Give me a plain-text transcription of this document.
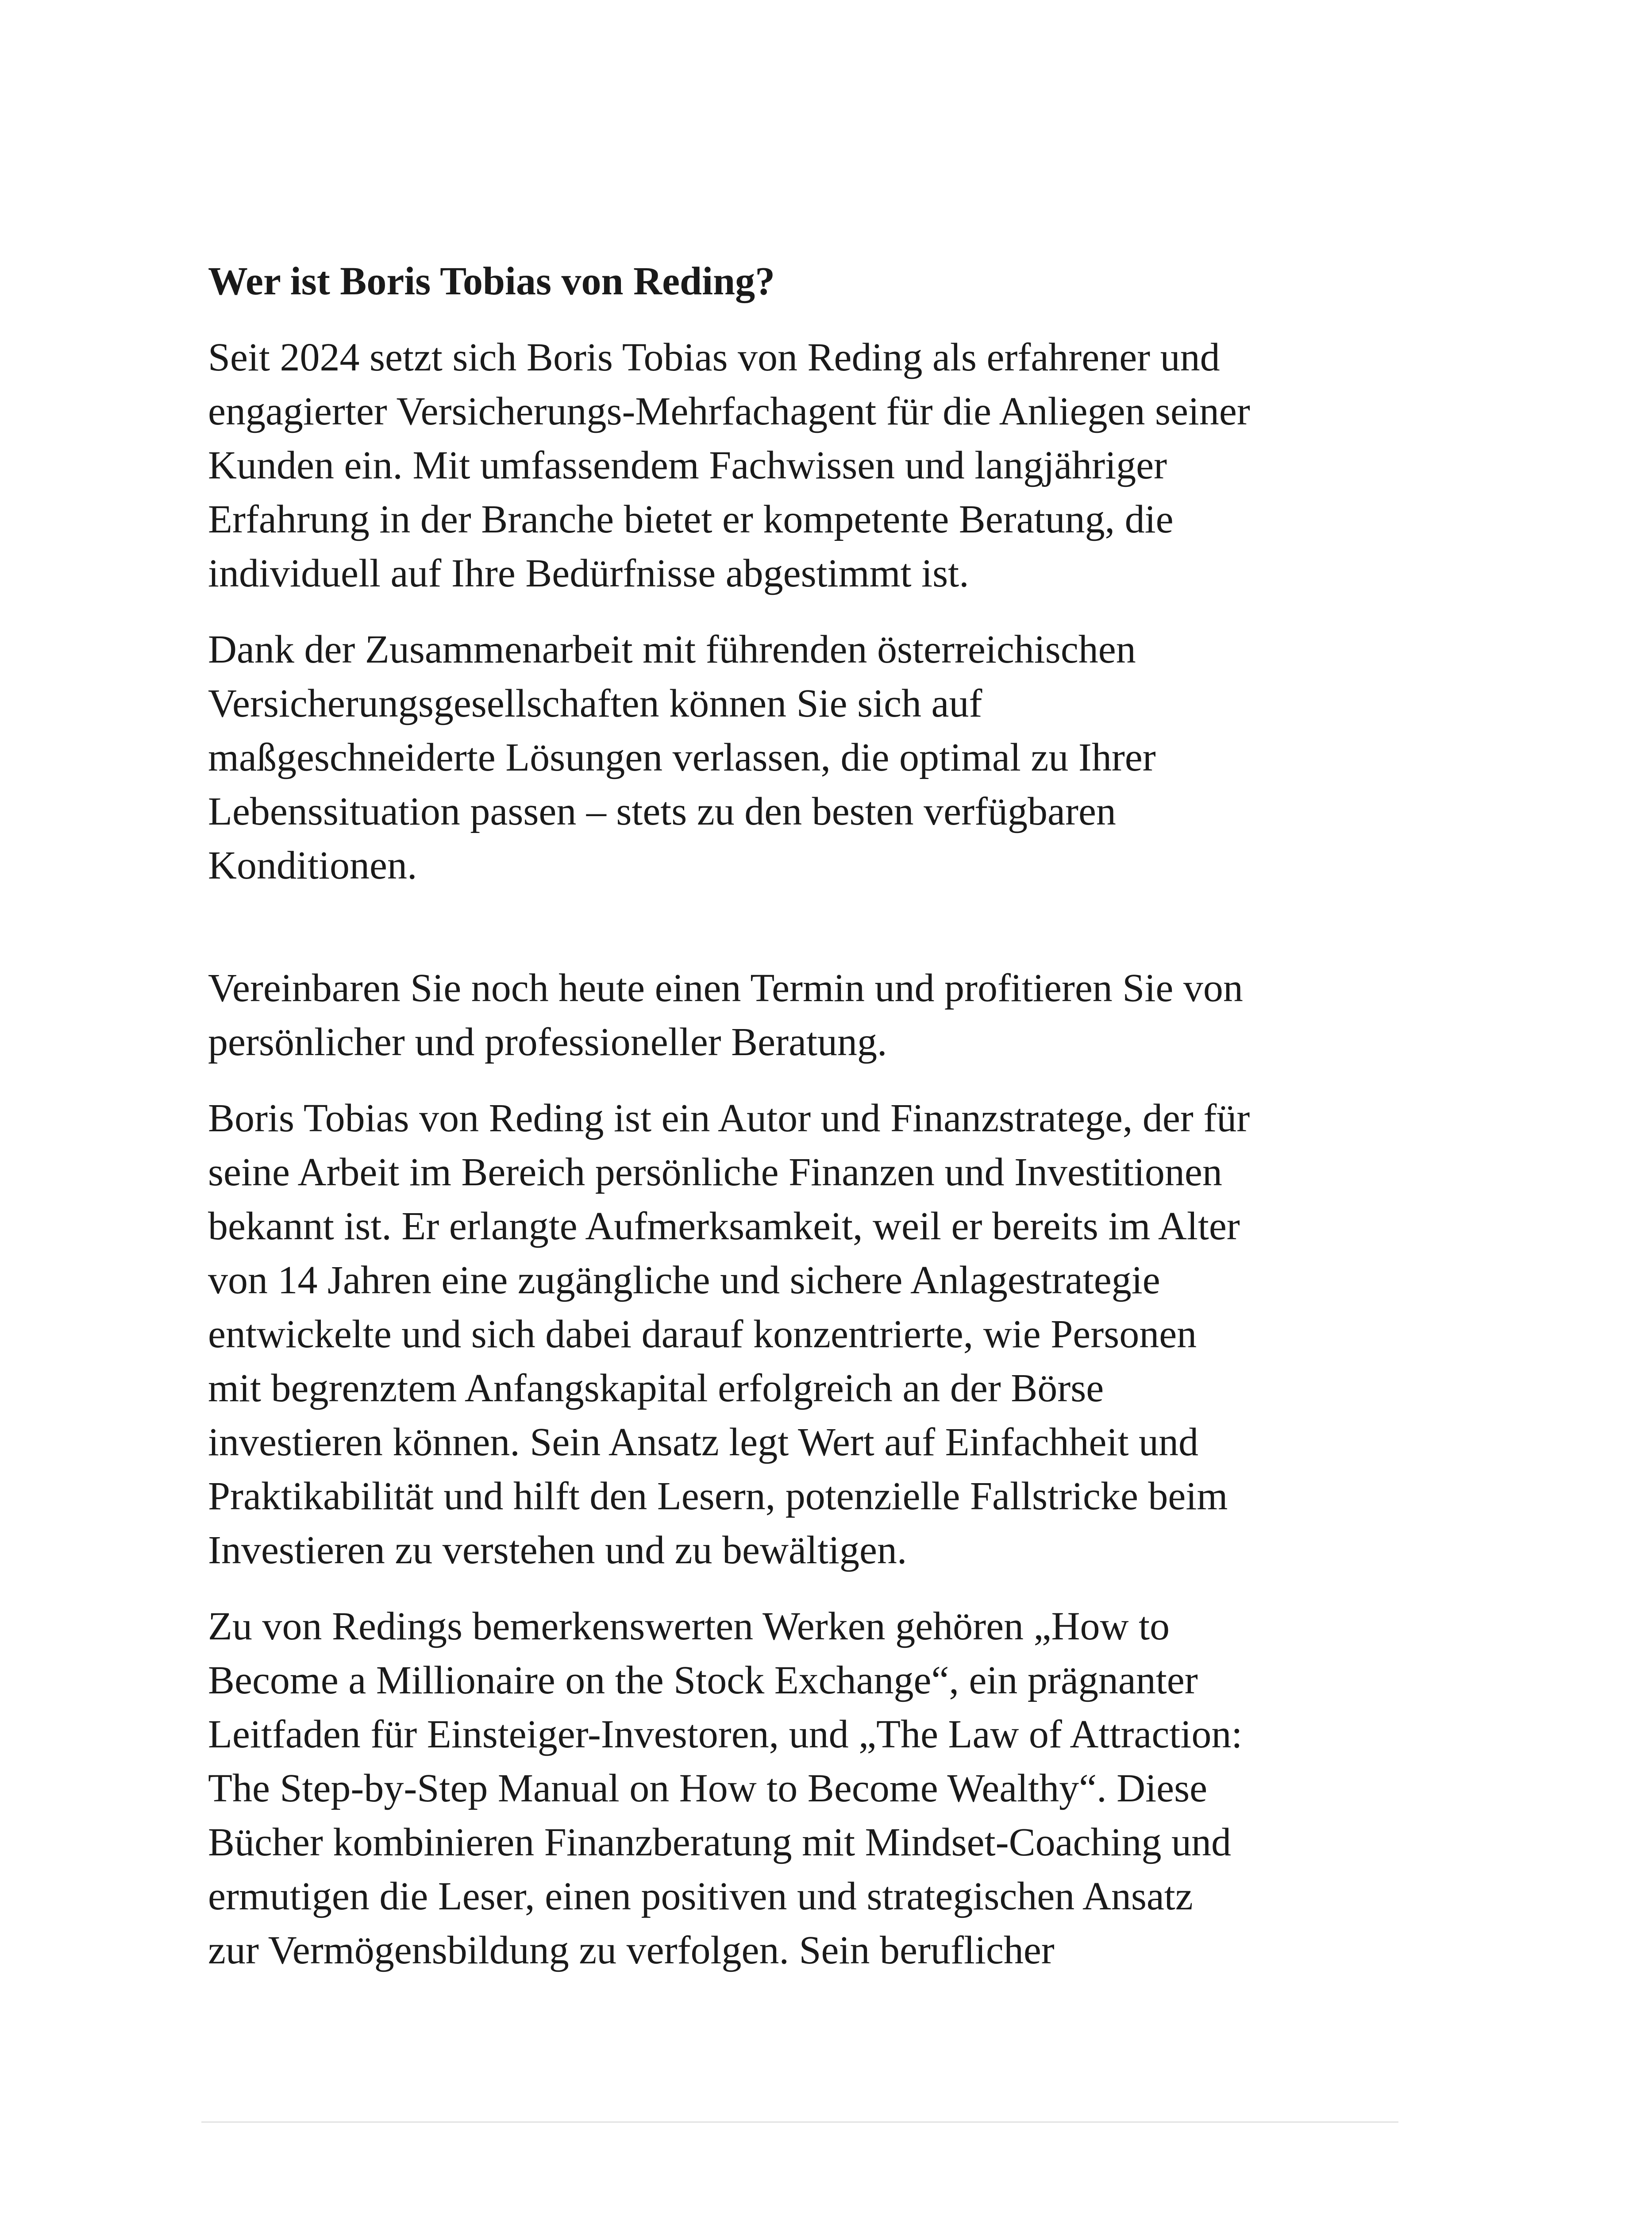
Wer ist Boris Tobias von Reding?

Seit 2024 setzt sich Boris Tobias von Reding als erfahrener und
engagierter Versicherungs-Mehrfachagent für die Anliegen seiner
Kunden ein. Mit umfassendem Fachwissen und langjähriger
Erfahrung in der Branche bietet er kompetente Beratung, die
individuell auf Ihre Bedürfnisse abgestimmt ist.

Dank der Zusammenarbeit mit führenden österreichischen
Versicherungsgesellschaften können Sie sich auf
maßgeschneiderte Lösungen verlassen, die optimal zu Ihrer
Lebenssituation passen – stets zu den besten verfügbaren
Konditionen.

Vereinbaren Sie noch heute einen Termin und profitieren Sie von
persönlicher und professioneller Beratung.

Boris Tobias von Reding ist ein Autor und Finanzstratege, der für
seine Arbeit im Bereich persönliche Finanzen und Investitionen
bekannt ist. Er erlangte Aufmerksamkeit, weil er bereits im Alter
von 14 Jahren eine zugängliche und sichere Anlagestrategie
entwickelte und sich dabei darauf konzentrierte, wie Personen
mit begrenztem Anfangskapital erfolgreich an der Börse
investieren können. Sein Ansatz legt Wert auf Einfachheit und
Praktikabilität und hilft den Lesern, potenzielle Fallstricke beim
Investieren zu verstehen und zu bewältigen.

Zu von Redings bemerkenswerten Werken gehören „How to
Become a Millionaire on the Stock Exchange“, ein prägnanter
Leitfaden für Einsteiger-Investoren, und „The Law of Attraction:
The Step-by-Step Manual on How to Become Wealthy“. Diese
Bücher kombinieren Finanzberatung mit Mindset-Coaching und
ermutigen die Leser, einen positiven und strategischen Ansatz
zur Vermögensbildung zu verfolgen. Sein beruflicher
